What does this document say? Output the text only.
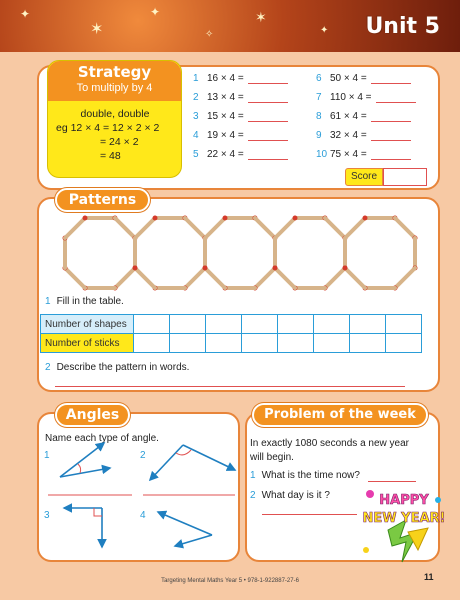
✦
✶
✦
✧
✶
✦ Unit 5
Strategy
To multiply by 4
double, double
eg 12 × 4 = 12 × 2 × 2
= 24 × 2
= 48
1 16 × 4 =
2 13 × 4 =
3 15 × 4 =
4 19 × 4 =
5 22 × 4 =
6 50 × 4 =
7 110 × 4 =
8 61 × 4 =
9 32 × 4 =
10 75 × 4 =
Score
Patterns
1 Fill in the table.
Number of shapes								
Number of sticks								
2 Describe the pattern in words.
Angles
Name each type of angle.
1	2
3	4
Problem of the week
In exactly 1080 seconds a new year
will begin.
1 What is the time now?
2 What day is it ?	HAPPY
NEW YEAR!
Targeting Mental Maths Year 5 • 978-1-922887-27-6	11
